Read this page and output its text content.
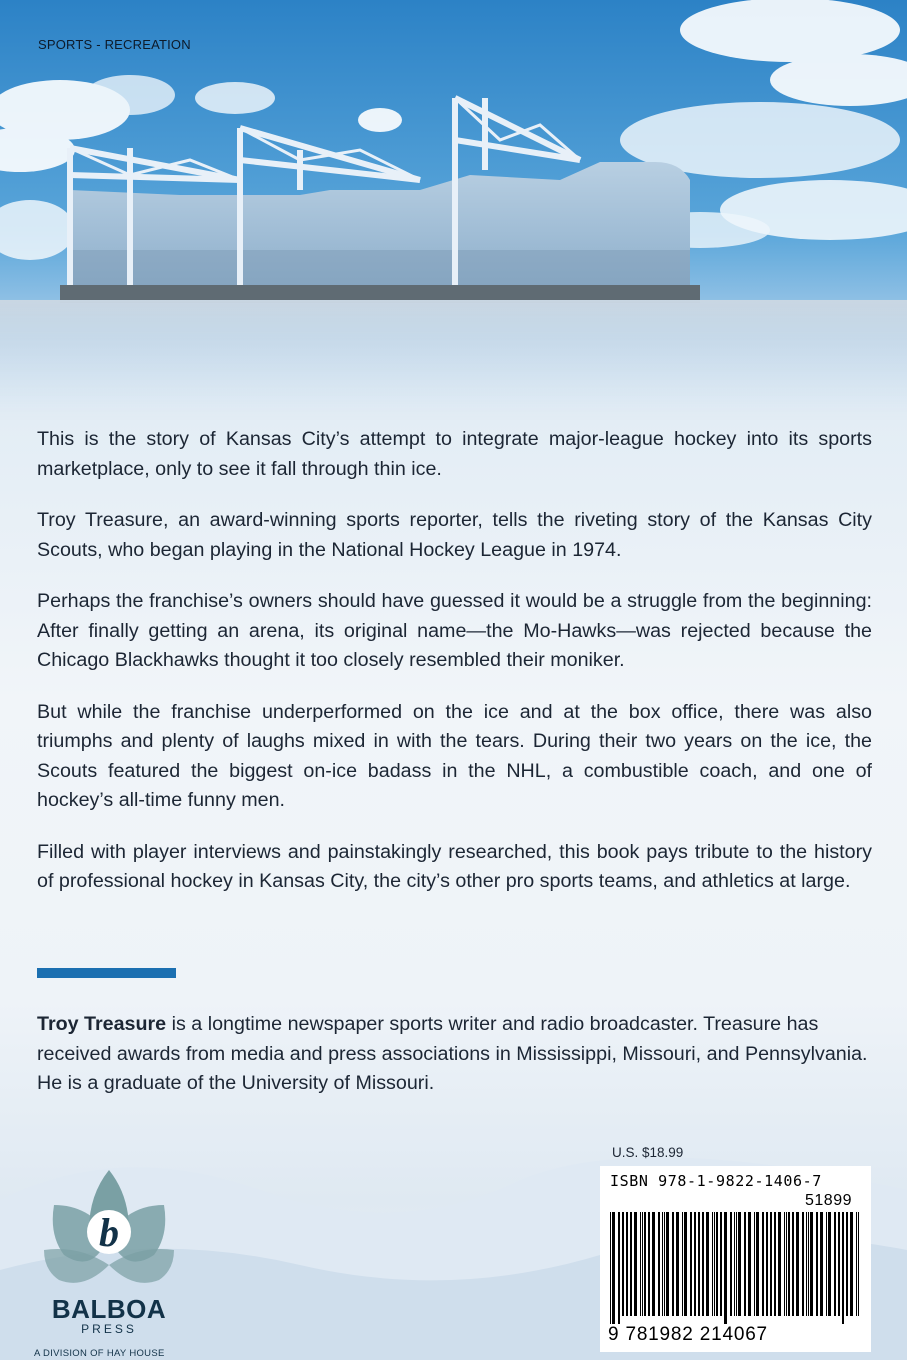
SPORTS - RECREATION

This is the story of Kansas City’s attempt to integrate major-league hockey into its sports marketplace, only to see it fall through thin ice.

Troy Treasure, an award-winning sports reporter, tells the riveting story of the Kansas City Scouts, who began playing in the National Hockey League in 1974.

Perhaps the franchise’s owners should have guessed it would be a struggle from the beginning: After finally getting an arena, its original name—the Mo-Hawks—was rejected because the Chicago Blackhawks thought it too closely resembled their moniker.

But while the franchise underperformed on the ice and at the box office, there was also triumphs and plenty of laughs mixed in with the tears. During their two years on the ice, the Scouts featured the biggest on-ice badass in the NHL, a combustible coach, and one of hockey’s all-time funny men.

Filled with player interviews and painstakingly researched, this book pays tribute to the history of professional hockey in Kansas City, the city’s other pro sports teams, and athletics at large.

Troy Treasure is a longtime newspaper sports writer and radio broadcaster. Treasure has received awards from media and press associations in Mississippi, Missouri, and Pennsylvania. He is a graduate of the University of Missouri.
b
BALBOA
PRESS
A DIVISION OF HAY HOUSE
U.S. $18.99
ISBN 978-1-9822-1406-7
51899
9 781982 214067
